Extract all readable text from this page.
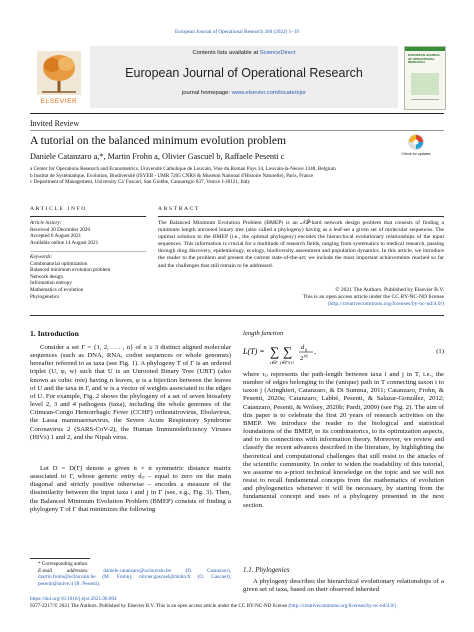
European Journal of Operational Research 300 (2022) 1–19
ELSEVIER
Contents lists available at ScienceDirect
European Journal of Operational Research
journal homepage: www.elsevier.com/locate/ejor
EUROPEAN JOURNAL OF OPERATIONAL RESEARCH
Invited Review
A tutorial on the balanced minimum evolution problem
Daniele Catanzaro a,*, Martin Frohn a, Olivier Gascuel b, Raffaele Pesenti c	Check for updates

a Center for Operations Research and Econometrics, Université Catholique de Louvain, Voie du Roman Pays 34, Louvain-la-Neuve 1348, Belgium

b Institut de Systématique, Evolution, Biodiversité (ISYEB - UMR 7205 CNRS & Muséum National d'Histoire Naturelle), Paris, France

c Department of Management, University Ca' Foscari, San Giobbe, Cannaregio 837, Venice I-30121, Italy

ARTICLE INFO

Article history:

Received 30 December 2020

Accepted 6 August 2021

Available online 14 August 2021

Keywords:

Combinatorial optimization

Balanced minimum evolution problem

Network design

Information entropy

Mathematics of evolution

Phylogenetics

ABSTRACT
The Balanced Minimum Evolution Problem (BMEP) is an 𝒩𝒫-hard network design problem that consists of finding a minimum length unrooted binary tree (also called a phylogeny) having as a leaf-set a given set of molecular sequences. The optimal solution to the BMEP (i.e., the optimal phylogeny) encodes the hierarchical evolutionary relationships of the input sequences. This information is crucial for a multitude of research fields, ranging from systematics to medical research, passing through drug discovery, epidemiology, ecology, biodiversity assessment and population dynamics. In this article, we introduce the reader to the problem and present the current state-of-the-art; we include the most important achievements reached so far and the challenges that still remain to be addressed.

© 2021 The Authors. Published by Elsevier B.V.

This is an open access article under the CC BY-NC-ND license

(http://creativecommons.org/licenses/by-nc-nd/4.0/)

1. Introduction

Consider a set Γ = {1, 2, . . . , n} of n ≥ 3 distinct aligned molecular sequences (such as DNA, RNA, codon sequences or whole genomes) hereafter referred to as taxa (see Fig. 1). A phylogeny T of Γ is an ordered triplet (U, φ, w) such that U is an Unrooted Binary Tree (UBT) (also known as cubic tree) having n leaves, φ is a bijection between the leaves of U and the taxa in Γ, and w is a vector of weights associated to the edges of U. For example, Fig. 2 shows the phylogeny of a set of seven biosafety level 2, 3 and 4 pathogens (taxa), including the whole genomes of the Crimean-Congo Hemorrhagic Fever (CCHF) orthonairovirus, Ebolavirus, the Lassa mammarenavirus, the Severe Acute Respiratory Syndrome Coronavirus 2 (SARS-CoV-2), the Human Immunodeficiency Viruses (HIVs) 1 and 2, and the Nipah virus.

Let D = D(Γ) denote a given n × n symmetric distance matrix associated to Γ, whose generic entry dᵢⱼ – equal to zero on the main diagonal and strictly positive otherwise – encodes a measure of the dissimilarity between the input taxa i and j in Γ (see, e.g., Fig. 3). Then, the Balanced Minimum Evolution Problem (BMEP) consists of finding a phylogeny T of Γ that minimizes the following

* Corresponding author.

E-mail addresses:	daniele.catanzaro@uclouvain.be (D. Catanzaro), martin.frohn@uclouvain.be (M. Frohn), olivier.gascuel@mnhn.fr (O. Gascuel), pesenti@unive.it (R. Pesenti).

length function
L(T) = ∑
i∈Γ
∑
j∈Γ\{i}
d ij
2 τij .	(1)

where τᵢⱼ represents the path-length between taxa i and j in T, i.e., the number of edges belonging to the (unique) path in T connecting taxon i to taxon j (Aringhieri, Catanzaro, & Di Summa, 2011; Catanzaro, Frohn, & Pesenti, 2020a; Catanzaro, Labbé, Pesenti, & Salazar-González, 2012; Catanzaro, Pesenti, & Wolsey, 2020b; Pardi, 2009) (see Fig. 2). The aim of this paper is to celebrate the first 20 years of research activities on the BMEP. We introduce the reader to the biological and statistical foundations of the BMEP, to its combinatorics, to its optimization aspects, and to its connections with information theory. Moreover, we review and classify the recent advances described in the literature, by highlighting the theoretical and computational challenges that still resist to the attacks of the scientific community. In order to widen the readability of this tutorial, we assume no a-priori technical knowledge on the topic and we will not resist to recall fundamental concepts from the mathematics of evolution and phylogenetics whenever it will be necessary, by starting from the fundamental concept and uses of a phylogeny presented in the next section.

1.1. Phylogenies

A phylogeny describes the hierarchical evolutionary relationships of a given set of taxa, based on their observed inherited

https://doi.org/10.1016/j.ejor.2021.08.004

0377-2217/© 2021 The Authors. Published by Elsevier B.V. This is an open access article under the CC BY-NC-ND license (http://creativecommons.org/licenses/by-nc-nd/4.0/)
